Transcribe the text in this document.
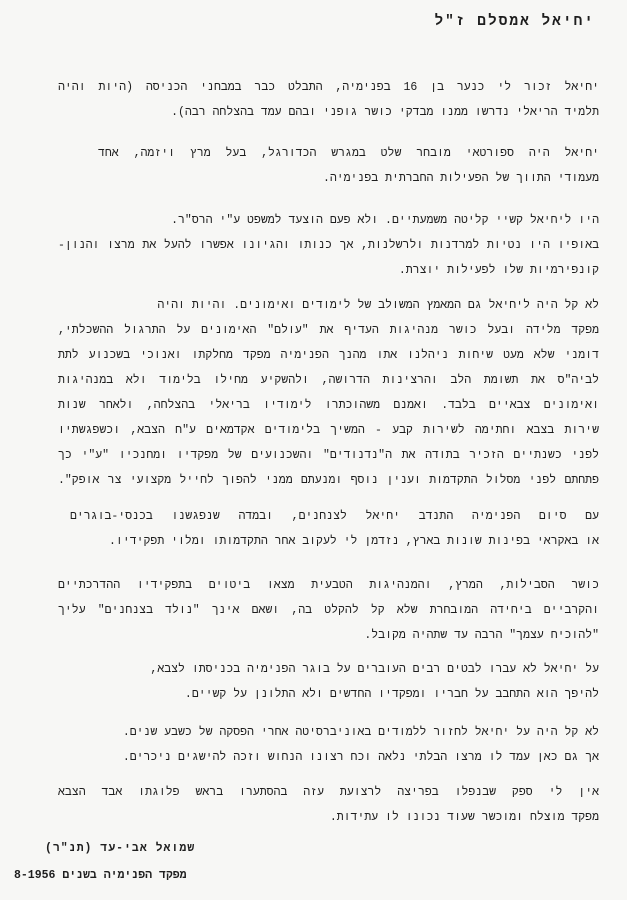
יחיאל אמסלם ז"ל
יחיאל זכור לי כנער בן 16 בפנימיה, התבלט כבר במבחני הכניסה (היות והיה
תלמיד הריאלי נדרשו ממנו מבדקי כושר גופני ובהם עמד בהצלחה רבה).
יחיאל היה ספורטאי מובחר שלט במגרש הכדורגל, בעל מרץ ויזמה, אחד
מעמודי התווך של הפעילות החברתית בפנימיה.
היו ליחיאל קשיי קליטה משמעתיים. ולא פעם הוצעד למשפט ע"י הרס"ר.
באופיו היו נטיות למרדנות ולרשלנות, אך כנותו והגיונו אפשרו להעל את מרצו והנון-
קונפירמיות שלו לפעילות יוצרת.
לא קל היה ליחיאל גם המאמץ המשולב של לימודים ואימונים. והיות והיה
מפקד מלידה ובעל כושר מנהיגות העדיף את "עולם" האימונים על התרגול ההשכלתי,
דומני שלא מעט שיחות ניהלנו אתו מהנך הפנימיה מפקד מחלקתו ואנוכי בשכנוע לתת
לביה"ס את תשומת הלב והרצינות הדרושה, ולהשקיע מחילו בלימוד ולא במנהיגות
ואימונים צבאיים בלבד. ואמנם משהוכתרו לימודיו בריאלי בהצלחה, ולאחר שנות
שירות בצבא וחתימה לשירות קבע - המשיך בלימודים אקדמאים ע"ח הצבא, וכשפגשתיו
לפני כשנתיים הזכיר בתודה את ה"נדנודים" והשכנועים של מפקדיו ומחנכיו "ע"י כך
פתחתם לפני מסלול התקדמות וענין נוסף ומנעתם ממני להפוך לחייל מקצועי צר אופק".
עם סיום הפנימיה התנדב יחיאל לצנחנים, ובמדה שנפגשנו בכנסי-בוגרים
או באקראי בפינות שונות בארץ, נזדמן לי לעקוב אחר התקדמותו ומלוי תפקידיו.
כושר הסבילות, המרץ, והמנהיגות הטבעית מצאו ביטוים בתפקידיו ההדרכתיים
והקרביים ביחידה המובחרת שלא קל להקלט בה, ושאם אינך "נולד בצנחנים" עליך
"להוכיח עצמך" הרבה עד שתהיה מקובל.
על יחיאל לא עברו לבטים רבים העוברים על בוגר הפנימיה בכניסתו לצבא,
להיפך הוא התחבב על חבריו ומפקדיו החדשים ולא התלונן על קשיים.
לא קל היה על יחיאל לחזור ללמודים באוניברסיטה אחרי הפסקה של כשבע שנים.
אך גם כאן עמד לו מרצו הבלתי נלאה וכח רצונו הנחוש וזכה להישגים ניכרים.
אין לי ספק שבנפלו בפריצה לרצועת עזה בהסתערו בראש פלוגתו אבד הצבא
מפקד מוצלח ומוכשר שעוד נכונו לו עתידות.
שמואל אבי-עד (תנ"ר)
מפקד הפנימיה בשנים 8-1956
